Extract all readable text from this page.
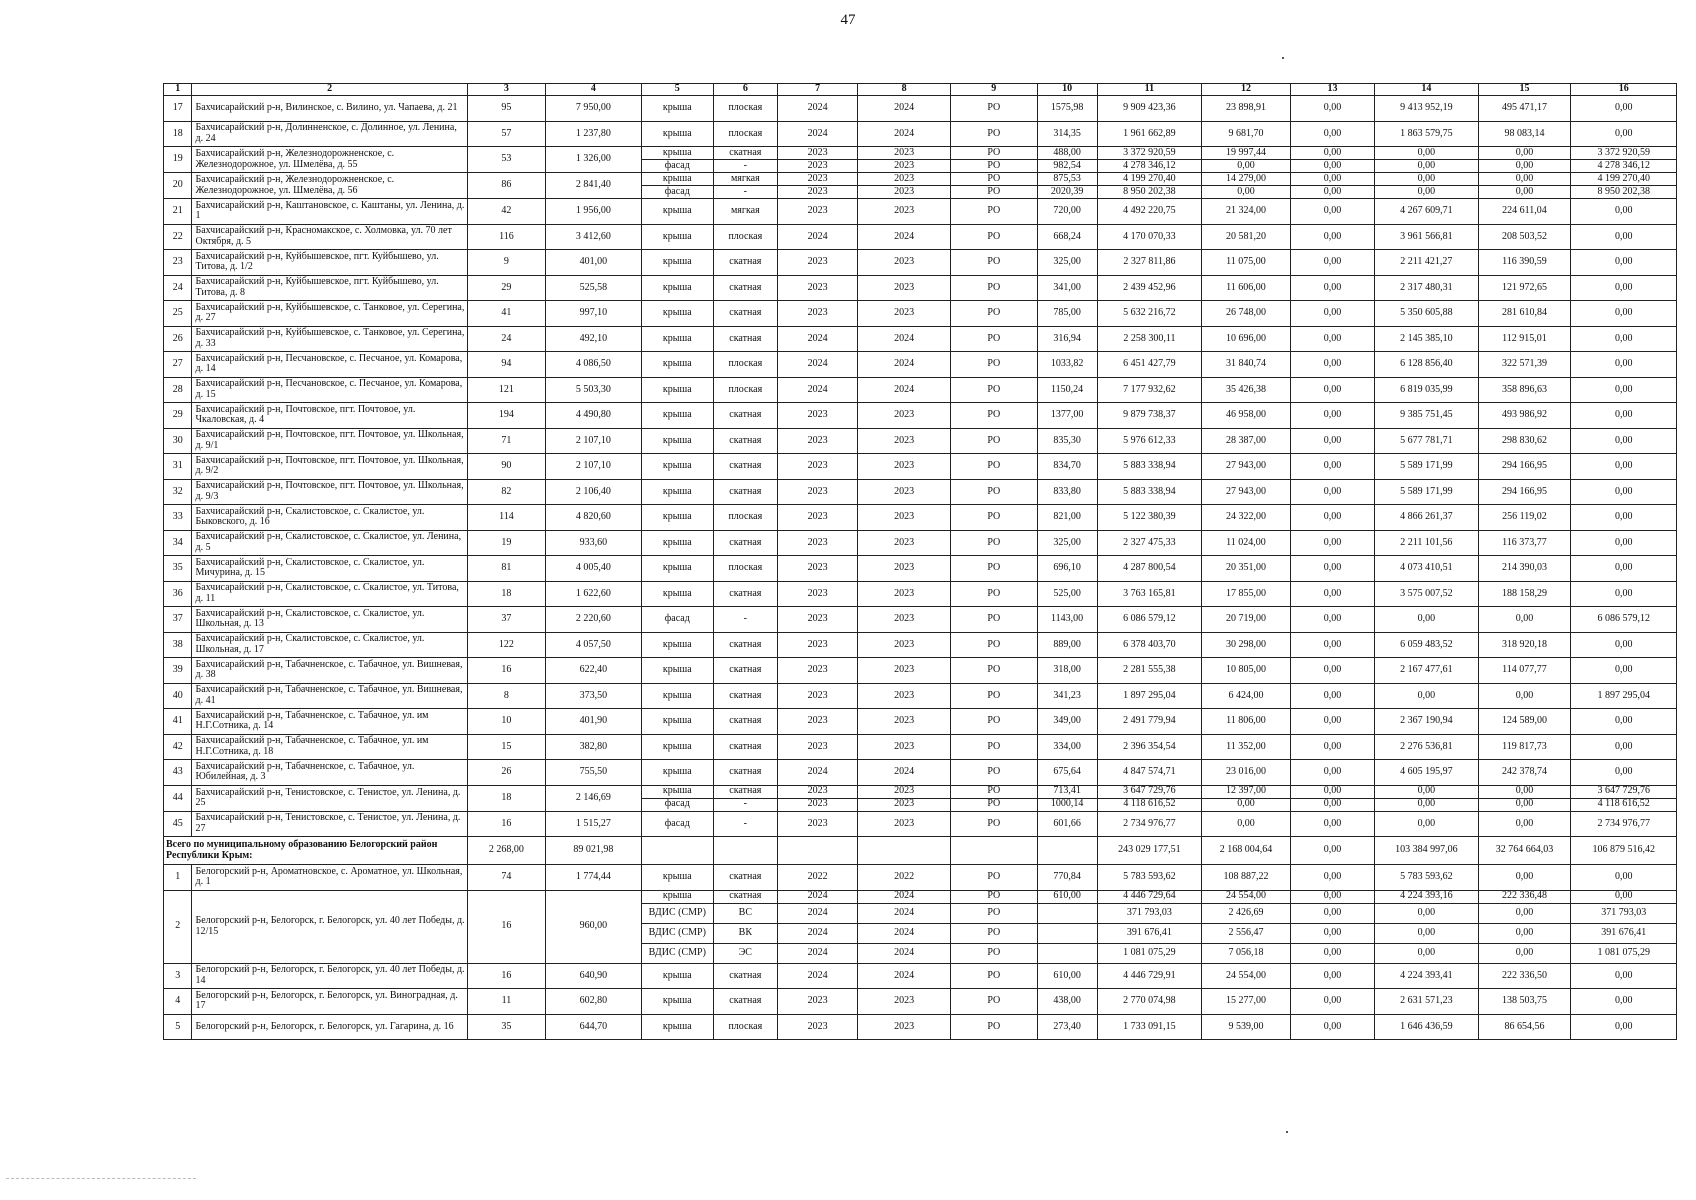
47
1	2	3	4	5	6	7	8	9	10	11	12	13	14	15	16
17	Бахчисарайский р-н, Вилинское, с. Вилино, ул. Чапаева, д. 21	95	7 950,00	крыша	плоская	2024	2024	РО	1575,98	9 909 423,36	23 898,91	0,00	9 413 952,19	495 471,17	0,00
18	Бахчисарайский р-н, Долинненское, с. Долинное, ул. Ленина, д. 24	57	1 237,80	крыша	плоская	2024	2024	РО	314,35	1 961 662,89	9 681,70	0,00	1 863 579,75	98 083,14	0,00
19	Бахчисарайский р-н, Железнодорожненское, с. Железнодорожное, ул. Шмелёва, д. 55	53	1 326,00	крыша	скатная	2023	2023	РО	488,00	3 372 920,59	19 997,44	0,00	0,00	0,00	3 372 920,59
				фасад	-	2023	2023	РО	982,54	4 278 346,12	0,00	0,00	0,00	0,00	4 278 346,12
20	Бахчисарайский р-н, Железнодорожненское, с. Железнодорожное, ул. Шмелёва, д. 56	86	2 841,40	крыша	мягкая	2023	2023	РО	875,53	4 199 270,40	14 279,00	0,00	0,00	0,00	4 199 270,40
				фасад	-	2023	2023	РО	2020,39	8 950 202,38	0,00	0,00	0,00	0,00	8 950 202,38
21	Бахчисарайский р-н, Каштановское, с. Каштаны, ул. Ленина, д. 1	42	1 956,00	крыша	мягкая	2023	2023	РО	720,00	4 492 220,75	21 324,00	0,00	4 267 609,71	224 611,04	0,00
22	Бахчисарайский р-н, Красномакское, с. Холмовка, ул. 70 лет Октября, д. 5	116	3 412,60	крыша	плоская	2024	2024	РО	668,24	4 170 070,33	20 581,20	0,00	3 961 566,81	208 503,52	0,00
23	Бахчисарайский р-н, Куйбышевское, пгт. Куйбышево, ул. Титова, д. 1/2	9	401,00	крыша	скатная	2023	2023	РО	325,00	2 327 811,86	11 075,00	0,00	2 211 421,27	116 390,59	0,00
24	Бахчисарайский р-н, Куйбышевское, пгт. Куйбышево, ул. Титова, д. 8	29	525,58	крыша	скатная	2023	2023	РО	341,00	2 439 452,96	11 606,00	0,00	2 317 480,31	121 972,65	0,00
25	Бахчисарайский р-н, Куйбышевское, с. Танковое, ул. Серегина, д. 27	41	997,10	крыша	скатная	2023	2023	РО	785,00	5 632 216,72	26 748,00	0,00	5 350 605,88	281 610,84	0,00
26	Бахчисарайский р-н, Куйбышевское, с. Танковое, ул. Серегина, д. 33	24	492,10	крыша	скатная	2024	2024	РО	316,94	2 258 300,11	10 696,00	0,00	2 145 385,10	112 915,01	0,00
27	Бахчисарайский р-н, Песчановское, с. Песчаное, ул. Комарова, д. 14	94	4 086,50	крыша	плоская	2024	2024	РО	1033,82	6 451 427,79	31 840,74	0,00	6 128 856,40	322 571,39	0,00
28	Бахчисарайский р-н, Песчановское, с. Песчаное, ул. Комарова, д. 15	121	5 503,30	крыша	плоская	2024	2024	РО	1150,24	7 177 932,62	35 426,38	0,00	6 819 035,99	358 896,63	0,00
29	Бахчисарайский р-н, Почтовское, пгт. Почтовое, ул. Чкаловская, д. 4	194	4 490,80	крыша	скатная	2023	2023	РО	1377,00	9 879 738,37	46 958,00	0,00	9 385 751,45	493 986,92	0,00
30	Бахчисарайский р-н, Почтовское, пгт. Почтовое, ул. Школьная, д. 9/1	71	2 107,10	крыша	скатная	2023	2023	РО	835,30	5 976 612,33	28 387,00	0,00	5 677 781,71	298 830,62	0,00
31	Бахчисарайский р-н, Почтовское, пгт. Почтовое, ул. Школьная, д. 9/2	90	2 107,10	крыша	скатная	2023	2023	РО	834,70	5 883 338,94	27 943,00	0,00	5 589 171,99	294 166,95	0,00
32	Бахчисарайский р-н, Почтовское, пгт. Почтовое, ул. Школьная, д. 9/3	82	2 106,40	крыша	скатная	2023	2023	РО	833,80	5 883 338,94	27 943,00	0,00	5 589 171,99	294 166,95	0,00
33	Бахчисарайский р-н, Скалистовское, с. Скалистое, ул. Быковского, д. 16	114	4 820,60	крыша	плоская	2023	2023	РО	821,00	5 122 380,39	24 322,00	0,00	4 866 261,37	256 119,02	0,00
34	Бахчисарайский р-н, Скалистовское, с. Скалистое, ул. Ленина, д. 5	19	933,60	крыша	скатная	2023	2023	РО	325,00	2 327 475,33	11 024,00	0,00	2 211 101,56	116 373,77	0,00
35	Бахчисарайский р-н, Скалистовское, с. Скалистое, ул. Мичурина, д. 15	81	4 005,40	крыша	плоская	2023	2023	РО	696,10	4 287 800,54	20 351,00	0,00	4 073 410,51	214 390,03	0,00
36	Бахчисарайский р-н, Скалистовское, с. Скалистое, ул. Титова, д. 11	18	1 622,60	крыша	скатная	2023	2023	РО	525,00	3 763 165,81	17 855,00	0,00	3 575 007,52	188 158,29	0,00
37	Бахчисарайский р-н, Скалистовское, с. Скалистое, ул. Школьная, д. 13	37	2 220,60	фасад	-	2023	2023	РО	1143,00	6 086 579,12	20 719,00	0,00	0,00	0,00	6 086 579,12
38	Бахчисарайский р-н, Скалистовское, с. Скалистое, ул. Школьная, д. 17	122	4 057,50	крыша	скатная	2023	2023	РО	889,00	6 378 403,70	30 298,00	0,00	6 059 483,52	318 920,18	0,00
39	Бахчисарайский р-н, Табачненское, с. Табачное, ул. Вишневая, д. 38	16	622,40	крыша	скатная	2023	2023	РО	318,00	2 281 555,38	10 805,00	0,00	2 167 477,61	114 077,77	0,00
40	Бахчисарайский р-н, Табачненское, с. Табачное, ул. Вишневая, д. 41	8	373,50	крыша	скатная	2023	2023	РО	341,23	1 897 295,04	6 424,00	0,00	0,00	0,00	1 897 295,04
41	Бахчисарайский р-н, Табачненское, с. Табачное, ул. им Н.Г.Сотника, д. 14	10	401,90	крыша	скатная	2023	2023	РО	349,00	2 491 779,94	11 806,00	0,00	2 367 190,94	124 589,00	0,00
42	Бахчисарайский р-н, Табачненское, с. Табачное, ул. им Н.Г.Сотника, д. 18	15	382,80	крыша	скатная	2023	2023	РО	334,00	2 396 354,54	11 352,00	0,00	2 276 536,81	119 817,73	0,00
43	Бахчисарайский р-н, Табачненское, с. Табачное, ул. Юбилейная, д. 3	26	755,50	крыша	скатная	2024	2024	РО	675,64	4 847 574,71	23 016,00	0,00	4 605 195,97	242 378,74	0,00
44	Бахчисарайский р-н, Тенистовское, с. Тенистое, ул. Ленина, д. 25	18	2 146,69	крыша	скатная	2023	2023	РО	713,41	3 647 729,76	12 397,00	0,00	0,00	0,00	3 647 729,76
				фасад	-	2023	2023	РО	1000,14	4 118 616,52	0,00	0,00	0,00	0,00	4 118 616,52
45	Бахчисарайский р-н, Тенистовское, с. Тенистое, ул. Ленина, д. 27	16	1 515,27	фасад	-	2023	2023	РО	601,66	2 734 976,77	0,00	0,00	0,00	0,00	2 734 976,77
Всего по муниципальному образованию Белогорский район Республики Крым:		2 268,00	89 021,98							243 029 177,51	2 168 004,64	0,00	103 384 997,06	32 764 664,03	106 879 516,42
1	Белогорский р-н, Ароматновское, с. Ароматное, ул. Школьная, д. 1	74	1 774,44	крыша	скатная	2022	2022	РО	770,84	5 783 593,62	108 887,22	0,00	5 783 593,62	0,00	0,00
2	Белогорский р-н, Белогорск, г. Белогорск, ул. 40 лет Победы, д. 12/15	16	960,00	крыша	скатная	2024	2024	РО	610,00	4 446 729,64	24 554,00	0,00	4 224 393,16	222 336,48	0,00
				ВДИС (СМР)	ВС	2024	2024	РО		371 793,03	2 426,69	0,00	0,00	0,00	371 793,03
				ВДИС (СМР)	ВК	2024	2024	РО		391 676,41	2 556,47	0,00	0,00	0,00	391 676,41
				ВДИС (СМР)	ЭС	2024	2024	РО		1 081 075,29	7 056,18	0,00	0,00	0,00	1 081 075,29
3	Белогорский р-н, Белогорск, г. Белогорск, ул. 40 лет Победы, д. 14	16	640,90	крыша	скатная	2024	2024	РО	610,00	4 446 729,91	24 554,00	0,00	4 224 393,41	222 336,50	0,00
4	Белогорский р-н, Белогорск, г. Белогорск, ул. Виноградная, д. 17	11	602,80	крыша	скатная	2023	2023	РО	438,00	2 770 074,98	15 277,00	0,00	2 631 571,23	138 503,75	0,00
5	Белогорский р-н, Белогорск, г. Белогорск, ул. Гагарина, д. 16	35	644,70	крыша	плоская	2023	2023	РО	273,40	1 733 091,15	9 539,00	0,00	1 646 436,59	86 654,56	0,00
